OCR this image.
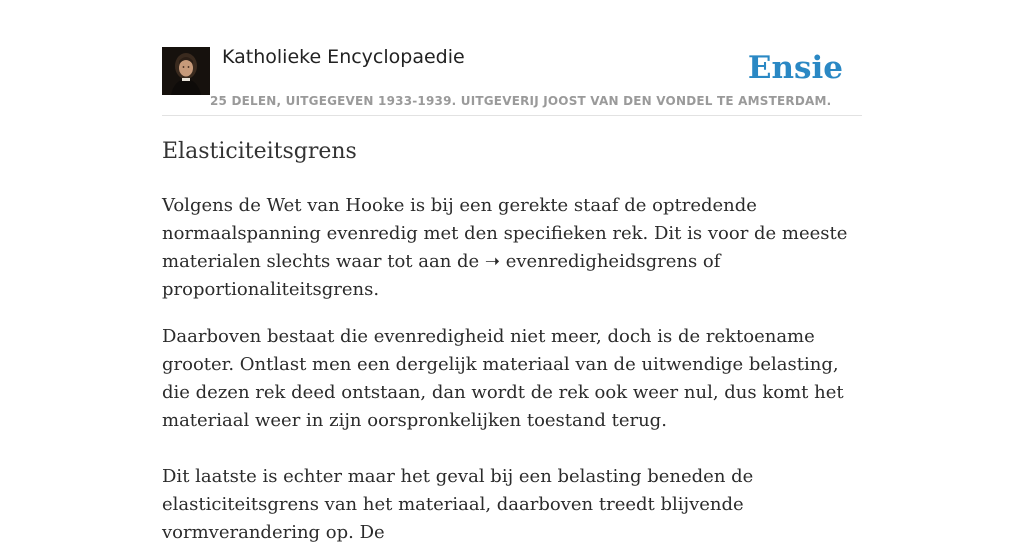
Katholieke Encyclopaedie	Ensie
25 DELEN, UITGEGEVEN 1933-1939. UITGEVERIJ JOOST VAN DEN VONDEL TE AMSTERDAM.
Elasticiteitsgrens

Volgens de Wet van Hooke is bij een gerekte staaf de optredende normaalspanning evenredig met den specifieken rek. Dit is voor de meeste materialen slechts waar tot aan de ➝ evenredigheidsgrens of proportionaliteitsgrens.

Daarboven bestaat die evenredigheid niet meer, doch is de rektoename grooter. Ontlast men een dergelijk materiaal van de uitwendige belasting, die dezen rek deed ontstaan, dan wordt de rek ook weer nul, dus komt het materiaal weer in zijn oorspronkelijken toestand terug.

Dit laatste is echter maar het geval bij een belasting beneden de elasticiteitsgrens van het materiaal, daarboven treedt blijvende vormverandering op. De
